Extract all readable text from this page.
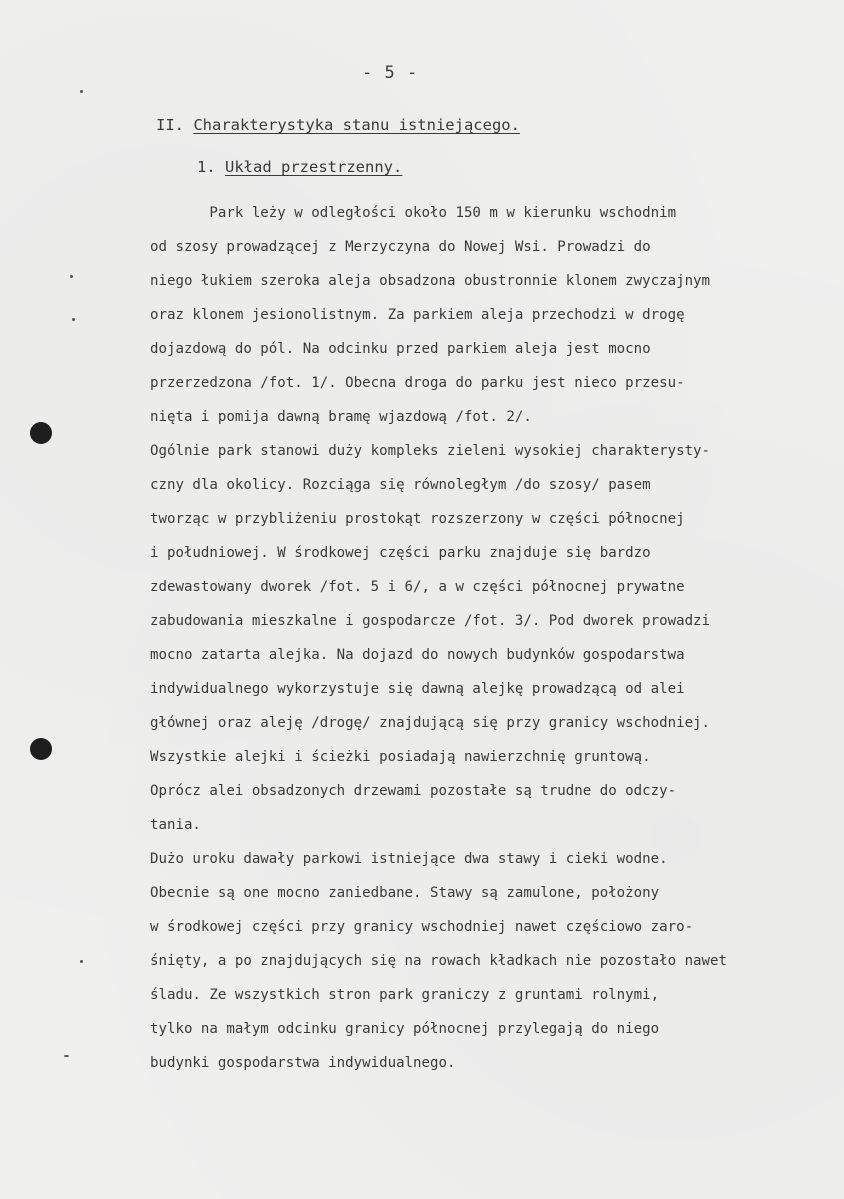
- 5 -
II. Charakterystyka stanu istniejącego.
1. Układ przestrzenny.
Park leży w odległości około 150 m w kierunku wschodnim
od szosy prowadzącej z Merzyczyna do Nowej Wsi. Prowadzi do
niego łukiem szeroka aleja obsadzona obustronnie klonem zwyczajnym
oraz klonem jesionolistnym. Za parkiem aleja przechodzi w drogę
dojazdową do pól. Na odcinku przed parkiem aleja jest mocno
przerzedzona /fot. 1/. Obecna droga do parku jest nieco przesu-
nięta i pomija dawną bramę wjazdową /fot. 2/.
Ogólnie park stanowi duży kompleks zieleni wysokiej charakterysty-
czny dla okolicy. Rozciąga się równoległym /do szosy/ pasem
tworząc w przybliżeniu prostokąt rozszerzony w części północnej
i południowej. W środkowej części parku znajduje się bardzo
zdewastowany dworek /fot. 5 i 6/, a w części północnej prywatne
zabudowania mieszkalne i gospodarcze /fot. 3/. Pod dworek prowadzi
mocno zatarta alejka. Na dojazd do nowych budynków gospodarstwa
indywidualnego wykorzystuje się dawną alejkę prowadzącą od alei
głównej oraz aleję /drogę/ znajdującą się przy granicy wschodniej.
Wszystkie alejki i ścieżki posiadają nawierzchnię gruntową.
Oprócz alei obsadzonych drzewami pozostałe są trudne do odczy-
tania.
Dużo uroku dawały parkowi istniejące dwa stawy i cieki wodne.
Obecnie są one mocno zaniedbane. Stawy są zamulone, położony
w środkowej części przy granicy wschodniej nawet częściowo zaro-
śnięty, a po znajdujących się na rowach kładkach nie pozostało nawet
śladu. Ze wszystkich stron park graniczy z gruntami rolnymi,
tylko na małym odcinku granicy północnej przylegają do niego
budynki gospodarstwa indywidualnego.
